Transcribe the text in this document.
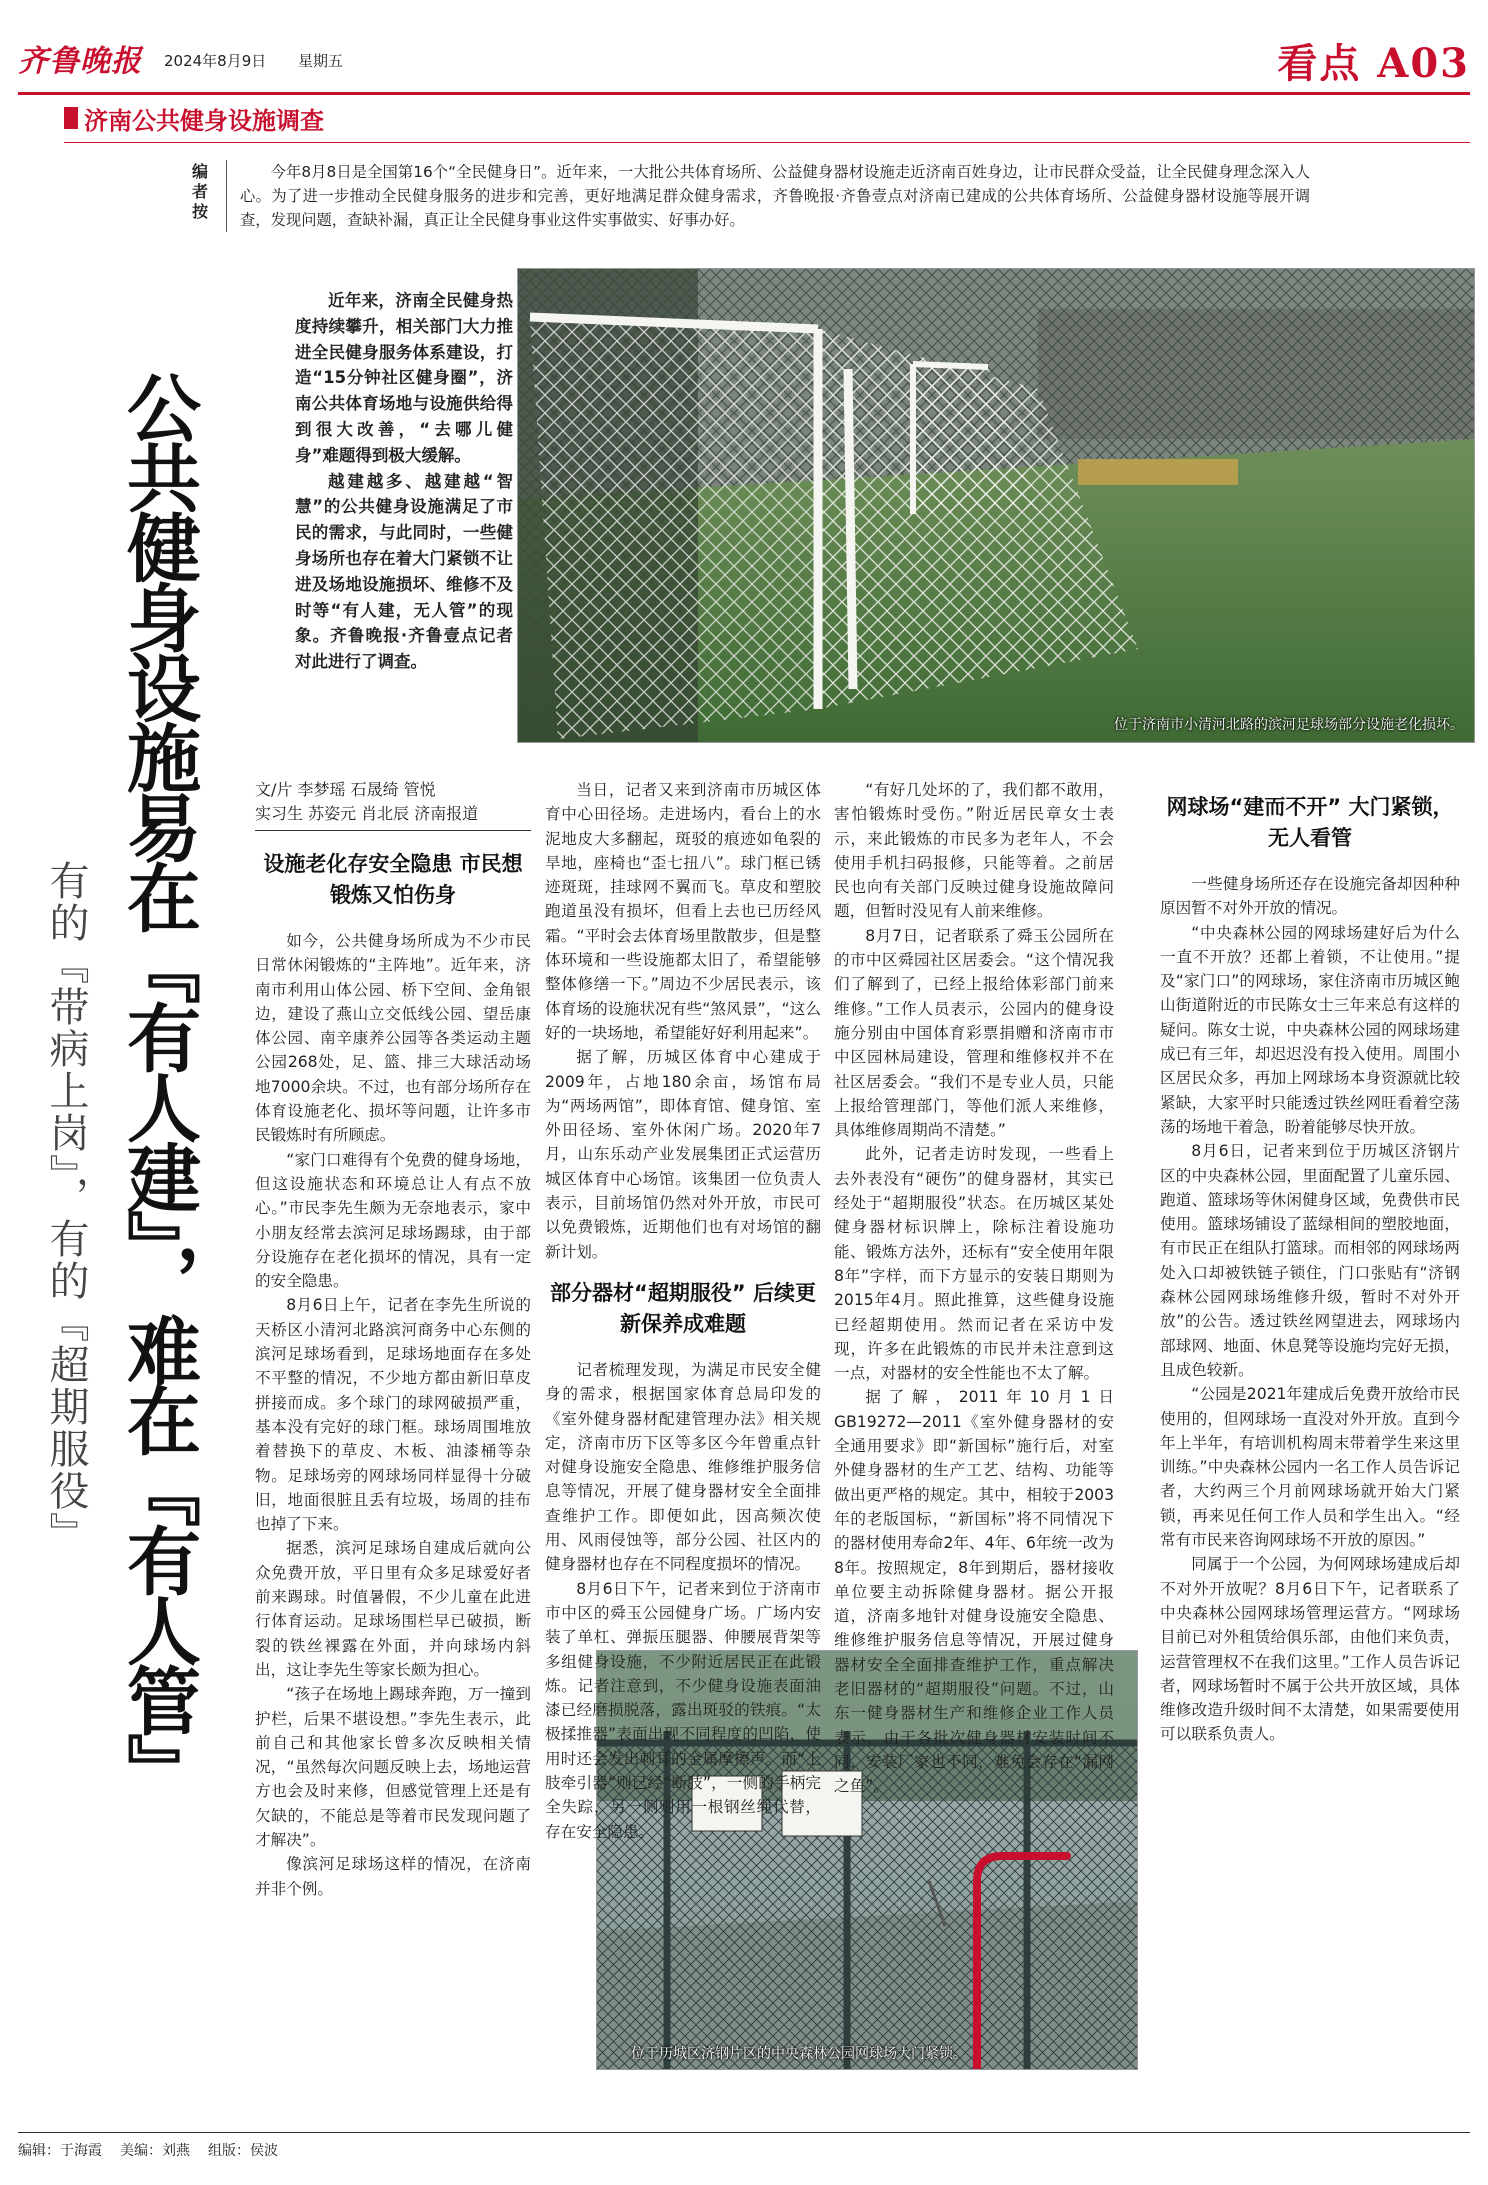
齐鲁晚报 2024年8月9日 星期五	看点 A03
济南公共健身设施调查
编者按
今年8月8日是全国第16个“全民健身日”。近年来，一大批公共体育场所、公益健身器材设施走近济南百姓身边，让市民群众受益，让全民健身理念深入人心。为了进一步推动全民健身服务的进步和完善，更好地满足群众健身需求，齐鲁晚报·齐鲁壹点对济南已建成的公共体育场所、公益健身器材设施等展开调查，发现问题，查缺补漏，真正让全民健身事业这件实事做实、好事办好。
公共健身设施易在『有人建』，难在『有人管』
有的『带病上岗』，有的『超期服役』

近年来，济南全民健身热度持续攀升，相关部门大力推进全民健身服务体系建设，打造“15分钟社区健身圈”，济南公共体育场地与设施供给得到很大改善，“去哪儿健身”难题得到极大缓解。

越建越多、越建越“智慧”的公共健身设施满足了市民的需求，与此同时，一些健身场所也存在着大门紧锁不让进及场地设施损坏、维修不及时等“有人建，无人管”的现象。齐鲁晚报·齐鲁壹点记者对此进行了调查。

位于济南市小清河北路的滨河足球场部分设施老化损坏。
位于历城区济钢片区的中央森林公园网球场大门紧锁。
文/片 李梦瑶 石晟绮 管悦
实习生 苏姿元 肖北辰 济南报道
设施老化存安全隐患 市民想锻炼又怕伤身

如今，公共健身场所成为不少市民日常休闲锻炼的“主阵地”。近年来，济南市利用山体公园、桥下空间、金角银边，建设了燕山立交低线公园、望岳康体公园、南辛康养公园等各类运动主题公园268处，足、篮、排三大球活动场地7000余块。不过，也有部分场所存在体育设施老化、损坏等问题，让许多市民锻炼时有所顾虑。

“家门口难得有个免费的健身场地，但这设施状态和环境总让人有点不放心。”市民李先生颇为无奈地表示，家中小朋友经常去滨河足球场踢球，由于部分设施存在老化损坏的情况，具有一定的安全隐患。

8月6日上午，记者在李先生所说的天桥区小清河北路滨河商务中心东侧的滨河足球场看到，足球场地面存在多处不平整的情况，不少地方都由新旧草皮拼接而成。多个球门的球网破损严重，基本没有完好的球门框。球场周围堆放着替换下的草皮、木板、油漆桶等杂物。足球场旁的网球场同样显得十分破旧，地面很脏且丢有垃圾，场周的挂布也掉了下来。

据悉，滨河足球场自建成后就向公众免费开放，平日里有众多足球爱好者前来踢球。时值暑假，不少儿童在此进行体育运动。足球场围栏早已破损，断裂的铁丝裸露在外面，并向球场内斜出，这让李先生等家长颇为担心。

“孩子在场地上踢球奔跑，万一撞到护栏，后果不堪设想。”李先生表示，此前自己和其他家长曾多次反映相关情况，“虽然每次问题反映上去，场地运营方也会及时来修，但感觉管理上还是有欠缺的，不能总是等着市民发现问题了才解决”。

像滨河足球场这样的情况，在济南并非个例。

当日，记者又来到济南市历城区体育中心田径场。走进场内，看台上的水泥地皮大多翻起，斑驳的痕迹如龟裂的旱地，座椅也“歪七扭八”。球门框已锈迹斑斑，挂球网不翼而飞。草皮和塑胶跑道虽没有损坏，但看上去也已历经风霜。“平时会去体育场里散散步，但是整体环境和一些设施都太旧了，希望能够整体修缮一下。”周边不少居民表示，该体育场的设施状况有些“煞风景”，“这么好的一块场地，希望能好好利用起来”。

据了解，历城区体育中心建成于2009年，占地180余亩，场馆布局为“两场两馆”，即体育馆、健身馆、室外田径场、室外休闲广场。2020年7月，山东乐动产业发展集团正式运营历城区体育中心场馆。该集团一位负责人表示，目前场馆仍然对外开放，市民可以免费锻炼，近期他们也有对场馆的翻新计划。

部分器材“超期服役” 后续更新保养成难题

记者梳理发现，为满足市民安全健身的需求，根据国家体育总局印发的《室外健身器材配建管理办法》相关规定，济南市历下区等多区今年曾重点针对健身设施安全隐患、维修维护服务信息等情况，开展了健身器材安全全面排查维护工作。即便如此，因高频次使用、风雨侵蚀等，部分公园、社区内的健身器材也存在不同程度损坏的情况。

8月6日下午，记者来到位于济南市市中区的舜玉公园健身广场。广场内安装了单杠、弹振压腿器、伸腰展背架等多组健身设施，不少附近居民正在此锻炼。记者注意到，不少健身设施表面油漆已经磨损脱落，露出斑驳的铁痕。“太极揉推器”表面出现不同程度的凹陷，使用时还会发出刺耳的金属摩擦声。而“上肢牵引器”则已经“断肢”，一侧的手柄完全失踪，另一侧则用一根钢丝绳代替，存在安全隐患。

“有好几处坏的了，我们都不敢用，害怕锻炼时受伤。”附近居民章女士表示，来此锻炼的市民多为老年人，不会使用手机扫码报修，只能等着。之前居民也向有关部门反映过健身设施故障问题，但暂时没见有人前来维修。

8月7日，记者联系了舜玉公园所在的市中区舜园社区居委会。“这个情况我们了解到了，已经上报给体彩部门前来维修。”工作人员表示，公园内的健身设施分别由中国体育彩票捐赠和济南市市中区园林局建设，管理和维修权并不在社区居委会。“我们不是专业人员，只能上报给管理部门，等他们派人来维修，具体维修周期尚不清楚。”

此外，记者走访时发现，一些看上去外表没有“硬伤”的健身器材，其实已经处于“超期服役”状态。在历城区某处健身器材标识牌上，除标注着设施功能、锻炼方法外，还标有“安全使用年限8年”字样，而下方显示的安装日期则为2015年4月。照此推算，这些健身设施已经超期使用。然而记者在采访中发现，许多在此锻炼的市民并未注意到这一点，对器材的安全性能也不太了解。

据了解，2011年10月1日GB19272—2011《室外健身器材的安全通用要求》即“新国标”施行后，对室外健身器材的生产工艺、结构、功能等做出更严格的规定。其中，相较于2003年的老版国标，“新国标”将不同情况下的器材使用寿命2年、4年、6年统一改为8年。按照规定，8年到期后，器材接收单位要主动拆除健身器材。据公开报道，济南多地针对健身设施安全隐患、维修维护服务信息等情况，开展过健身器材安全全面排查维护工作，重点解决老旧器材的“超期服役”问题。不过，山东一健身器材生产和维修企业工作人员表示，由于各批次健身器材安装时间不同，安装厂家也不同，难免会存在“漏网之鱼”。

网球场“建而不开” 大门紧锁，无人看管

一些健身场所还存在设施完备却因种种原因暂不对外开放的情况。

“中央森林公园的网球场建好后为什么一直不开放？还都上着锁，不让使用。”提及“家门口”的网球场，家住济南市历城区鲍山街道附近的市民陈女士三年来总有这样的疑问。陈女士说，中央森林公园的网球场建成已有三年，却迟迟没有投入使用。周围小区居民众多，再加上网球场本身资源就比较紧缺，大家平时只能透过铁丝网旺看着空荡荡的场地干着急，盼着能够尽快开放。

8月6日，记者来到位于历城区济钢片区的中央森林公园，里面配置了儿童乐园、跑道、篮球场等休闲健身区域，免费供市民使用。篮球场铺设了蓝绿相间的塑胶地面，有市民正在组队打篮球。而相邻的网球场两处入口却被铁链子锁住，门口张贴有“济钢森林公园网球场维修升级，暂时不对外开放”的公告。透过铁丝网望进去，网球场内部球网、地面、休息凳等设施均完好无损，且成色较新。

“公园是2021年建成后免费开放给市民使用的，但网球场一直没对外开放。直到今年上半年，有培训机构周末带着学生来这里训练。”中央森林公园内一名工作人员告诉记者，大约两三个月前网球场就开始大门紧锁，再来见任何工作人员和学生出入。“经常有市民来咨询网球场不开放的原因。”

同属于一个公园，为何网球场建成后却不对外开放呢？8月6日下午，记者联系了中央森林公园网球场管理运营方。“网球场目前已对外租赁给俱乐部，由他们来负责，运营管理权不在我们这里。”工作人员告诉记者，网球场暂时不属于公共开放区域，具体维修改造升级时间不太清楚，如果需要使用可以联系负责人。

编辑：于海霞 美编：刘燕 组版：侯波
